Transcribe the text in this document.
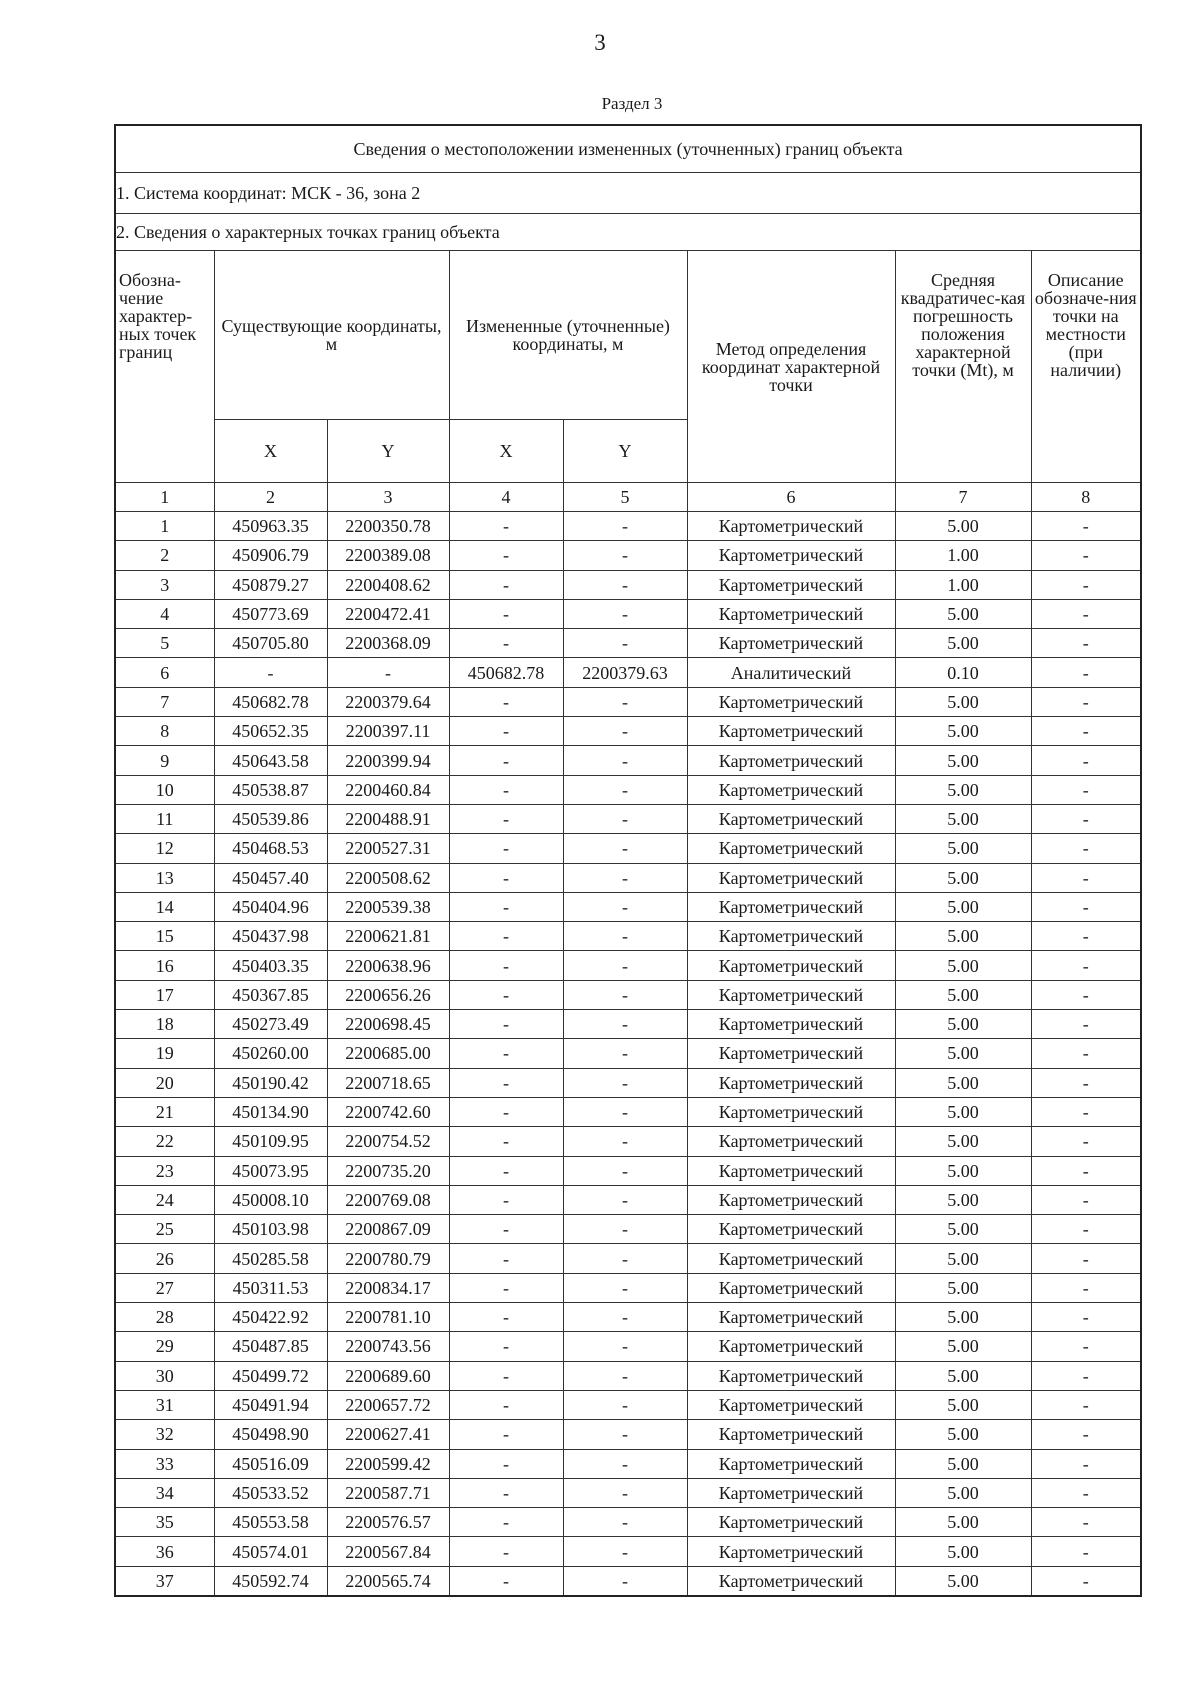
3
Раздел 3
Сведения о местоположении измененных (уточненных) границ объекта							
1. Система координат: МСК - 36, зона 2							
2. Сведения о характерных точках границ объекта							
Обозна-чение характер-ных точек границ	Существующие координаты, м		Измененные (уточненные) координаты, м		Метод определения координат характерной точки	Средняя квадратичес-кая погрешность положения характерной точки (Mt), м	Описание обозначе-ния точки на местности (при наличии)
	X	Y	X	Y			
1	2	3	4	5	6	7	8
1	450963.35	2200350.78	-	-	Картометрический	5.00	-
2	450906.79	2200389.08	-	-	Картометрический	1.00	-
3	450879.27	2200408.62	-	-	Картометрический	1.00	-
4	450773.69	2200472.41	-	-	Картометрический	5.00	-
5	450705.80	2200368.09	-	-	Картометрический	5.00	-
6	-	-	450682.78	2200379.63	Аналитический	0.10	-
7	450682.78	2200379.64	-	-	Картометрический	5.00	-
8	450652.35	2200397.11	-	-	Картометрический	5.00	-
9	450643.58	2200399.94	-	-	Картометрический	5.00	-
10	450538.87	2200460.84	-	-	Картометрический	5.00	-
11	450539.86	2200488.91	-	-	Картометрический	5.00	-
12	450468.53	2200527.31	-	-	Картометрический	5.00	-
13	450457.40	2200508.62	-	-	Картометрический	5.00	-
14	450404.96	2200539.38	-	-	Картометрический	5.00	-
15	450437.98	2200621.81	-	-	Картометрический	5.00	-
16	450403.35	2200638.96	-	-	Картометрический	5.00	-
17	450367.85	2200656.26	-	-	Картометрический	5.00	-
18	450273.49	2200698.45	-	-	Картометрический	5.00	-
19	450260.00	2200685.00	-	-	Картометрический	5.00	-
20	450190.42	2200718.65	-	-	Картометрический	5.00	-
21	450134.90	2200742.60	-	-	Картометрический	5.00	-
22	450109.95	2200754.52	-	-	Картометрический	5.00	-
23	450073.95	2200735.20	-	-	Картометрический	5.00	-
24	450008.10	2200769.08	-	-	Картометрический	5.00	-
25	450103.98	2200867.09	-	-	Картометрический	5.00	-
26	450285.58	2200780.79	-	-	Картометрический	5.00	-
27	450311.53	2200834.17	-	-	Картометрический	5.00	-
28	450422.92	2200781.10	-	-	Картометрический	5.00	-
29	450487.85	2200743.56	-	-	Картометрический	5.00	-
30	450499.72	2200689.60	-	-	Картометрический	5.00	-
31	450491.94	2200657.72	-	-	Картометрический	5.00	-
32	450498.90	2200627.41	-	-	Картометрический	5.00	-
33	450516.09	2200599.42	-	-	Картометрический	5.00	-
34	450533.52	2200587.71	-	-	Картометрический	5.00	-
35	450553.58	2200576.57	-	-	Картометрический	5.00	-
36	450574.01	2200567.84	-	-	Картометрический	5.00	-
37	450592.74	2200565.74	-	-	Картометрический	5.00	-
